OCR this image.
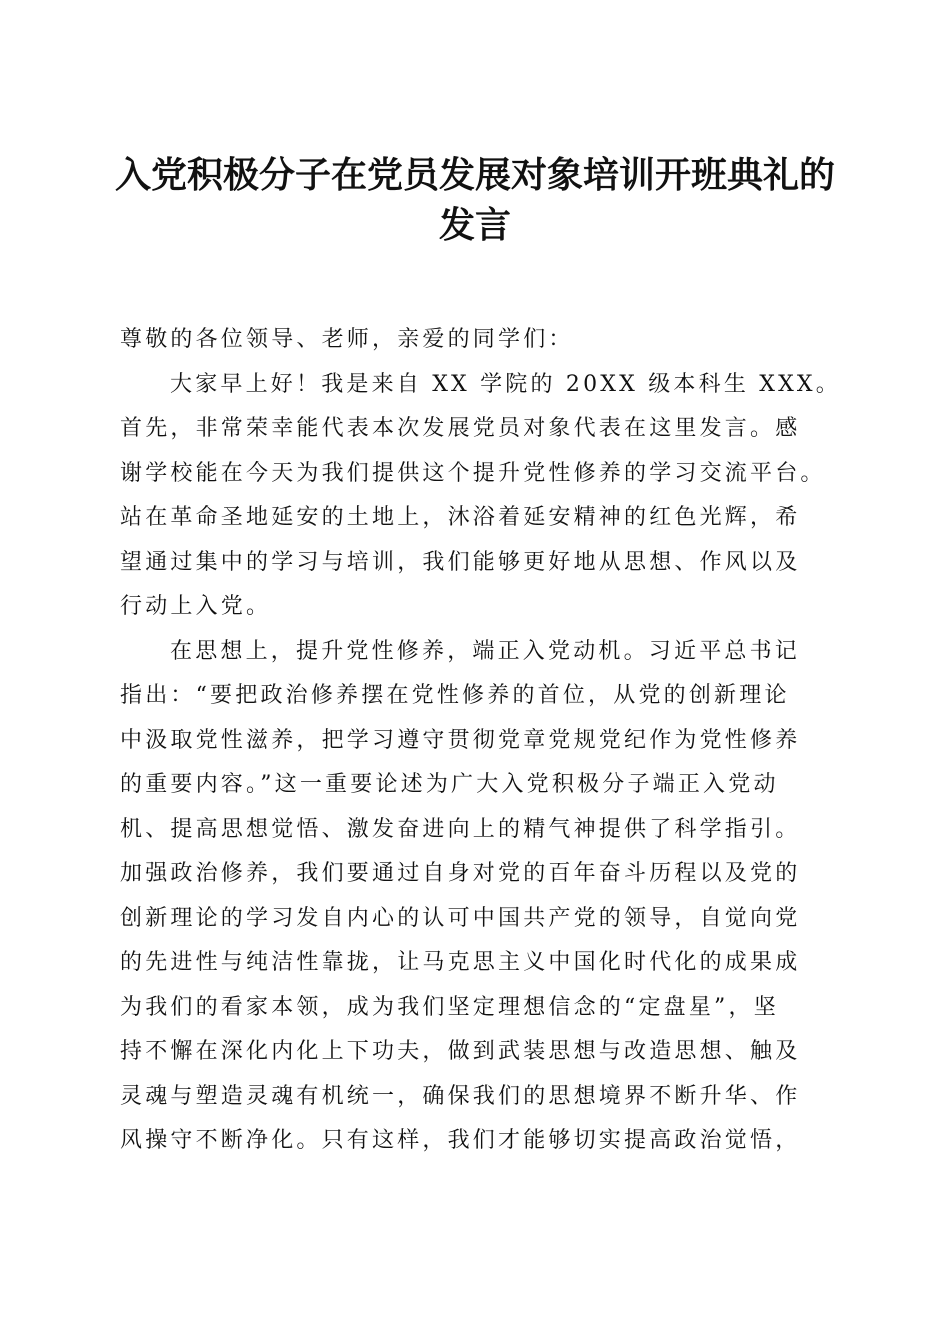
入党积极分子在党员发展对象培训开班典礼的
发言
尊敬的各位领导、老师，亲爱的同学们：
大家早上好！我是来自 XX 学院的 20XX 级本科生 XXX。
首先，非常荣幸能代表本次发展党员对象代表在这里发言。感
谢学校能在今天为我们提供这个提升党性修养的学习交流平台。
站在革命圣地延安的土地上，沐浴着延安精神的红色光辉，希
望通过集中的学习与培训，我们能够更好地从思想、作风以及
行动上入党。
在思想上，提升党性修养，端正入党动机。习近平总书记
指出：“要把政治修养摆在党性修养的首位，从党的创新理论
中汲取党性滋养，把学习遵守贯彻党章党规党纪作为党性修养
的重要内容。”这一重要论述为广大入党积极分子端正入党动
机、提高思想觉悟、激发奋进向上的精气神提供了科学指引。
加强政治修养，我们要通过自身对党的百年奋斗历程以及党的
创新理论的学习发自内心的认可中国共产党的领导，自觉向党
的先进性与纯洁性靠拢，让马克思主义中国化时代化的成果成
为我们的看家本领，成为我们坚定理想信念的“定盘星”，坚
持不懈在深化内化上下功夫，做到武装思想与改造思想、触及
灵魂与塑造灵魂有机统一，确保我们的思想境界不断升华、作
风操守不断净化。只有这样，我们才能够切实提高政治觉悟，
